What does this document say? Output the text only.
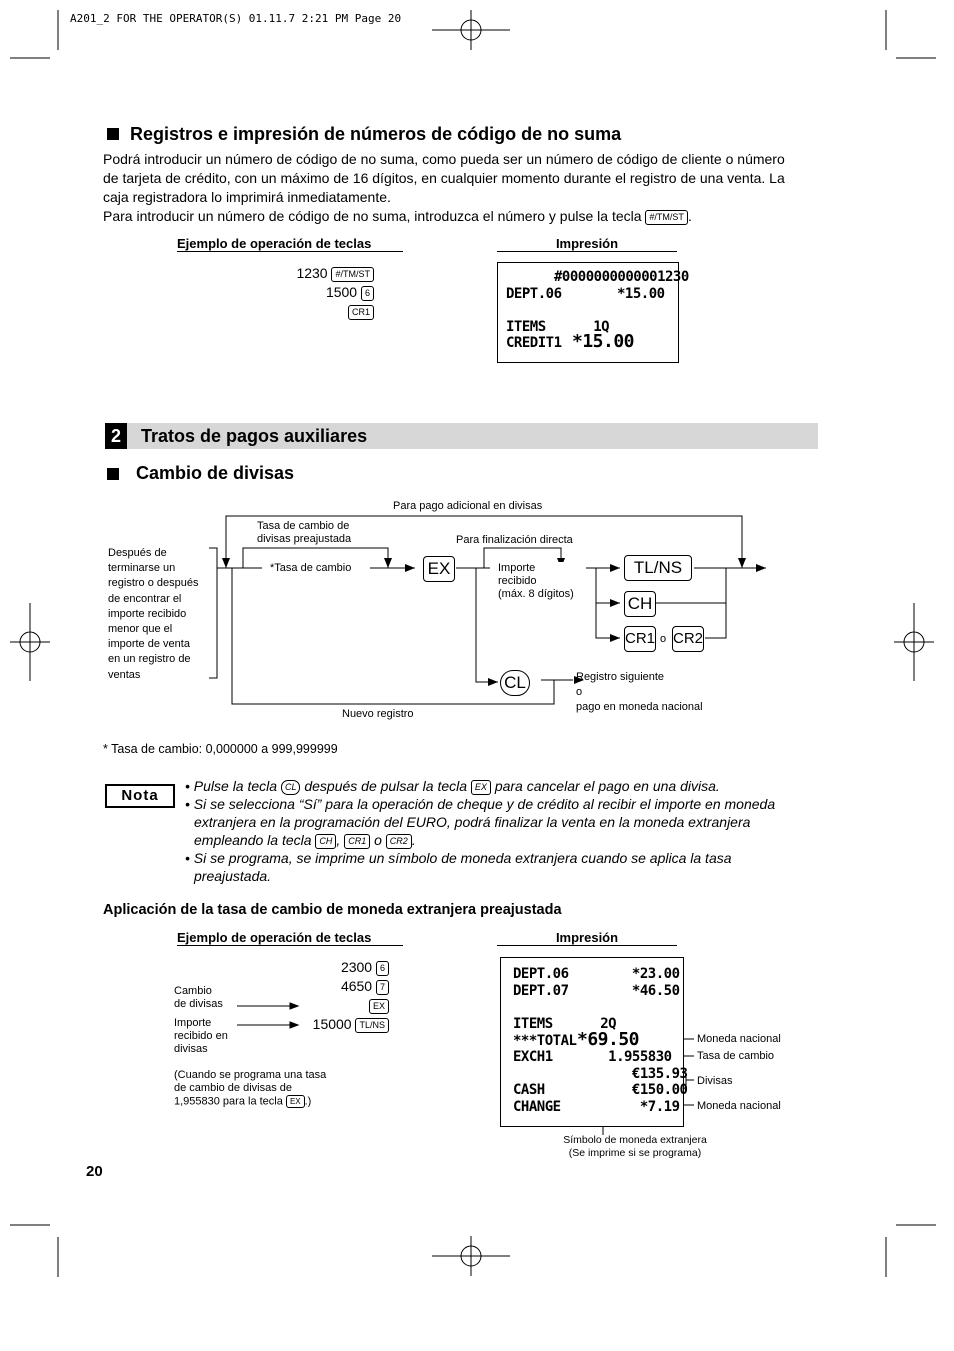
A201_2 FOR THE OPERATOR(S) 01.11.7 2:21 PM Page 20
Registros e impresión de números de código de no suma
Podrá introducir un número de código de no suma, como pueda ser un número de código de cliente o número
de tarjeta de crédito, con un máximo de 16 dígitos, en cualquier momento durante el registro de una venta. La
caja registradora lo imprimirá inmediatamente.
Para introducir un número de código de no suma, introduzca el número y pulse la tecla #/TM/ST .
Ejemplo de operación de teclas	Impresión
1230 #/TM/ST
1500 6
CR1
#0000000000001230
DEPT.06       *15.00
ITEMS      1Q
CREDIT1 *15.00
2	Tratos de pagos auxiliares
Cambio de divisas
Para pago adicional en divisas
Tasa de cambio de
divisas preajustada	Para finalización directa
Después de
terminarse un
registro o después
de encontrar el
importe recibido
menor que el
importe de venta
en un registro de
ventas
*Tasa de cambio	EX	Importe
recibido
(máx. 8 dígitos)
TL/NS
CH
CR1 o CR2
CL	Registro siguiente
o
pago en moneda nacional
Nuevo registro
* Tasa de cambio: 0,000000 a 999,999999
Nota
• Pulse la tecla CL después de pulsar la tecla EX para cancelar el pago en una divisa.
• Si se selecciona “Sí” para la operación de cheque y de crédito al recibir el importe en moneda
extranjera en la programación del EURO, podrá finalizar la venta en la moneda extranjera
empleando la tecla CH , CR1 o CR2 .
• Si se programa, se imprime un símbolo de moneda extranjera cuando se aplica la tasa
preajustada.
Aplicación de la tasa de cambio de moneda extranjera preajustada
Ejemplo de operación de teclas	Impresión
2300 6
4650 7
EX
15000 TL/NS
Cambio
de divisas
Importe
recibido en
divisas
(Cuando se programa una tasa
de cambio de divisas de
1,955830 para la tecla EX .)
DEPT.06        *23.00
DEPT.07        *46.50
ITEMS      2Q
***TOTAL *69.50
EXCH1       1.955830
€135.93
CASH           €150.00
CHANGE          *7.19
Moneda nacional
Tasa de cambio
Divisas
Moneda nacional
Símbolo de moneda extranjera
(Se imprime si se programa)
20
